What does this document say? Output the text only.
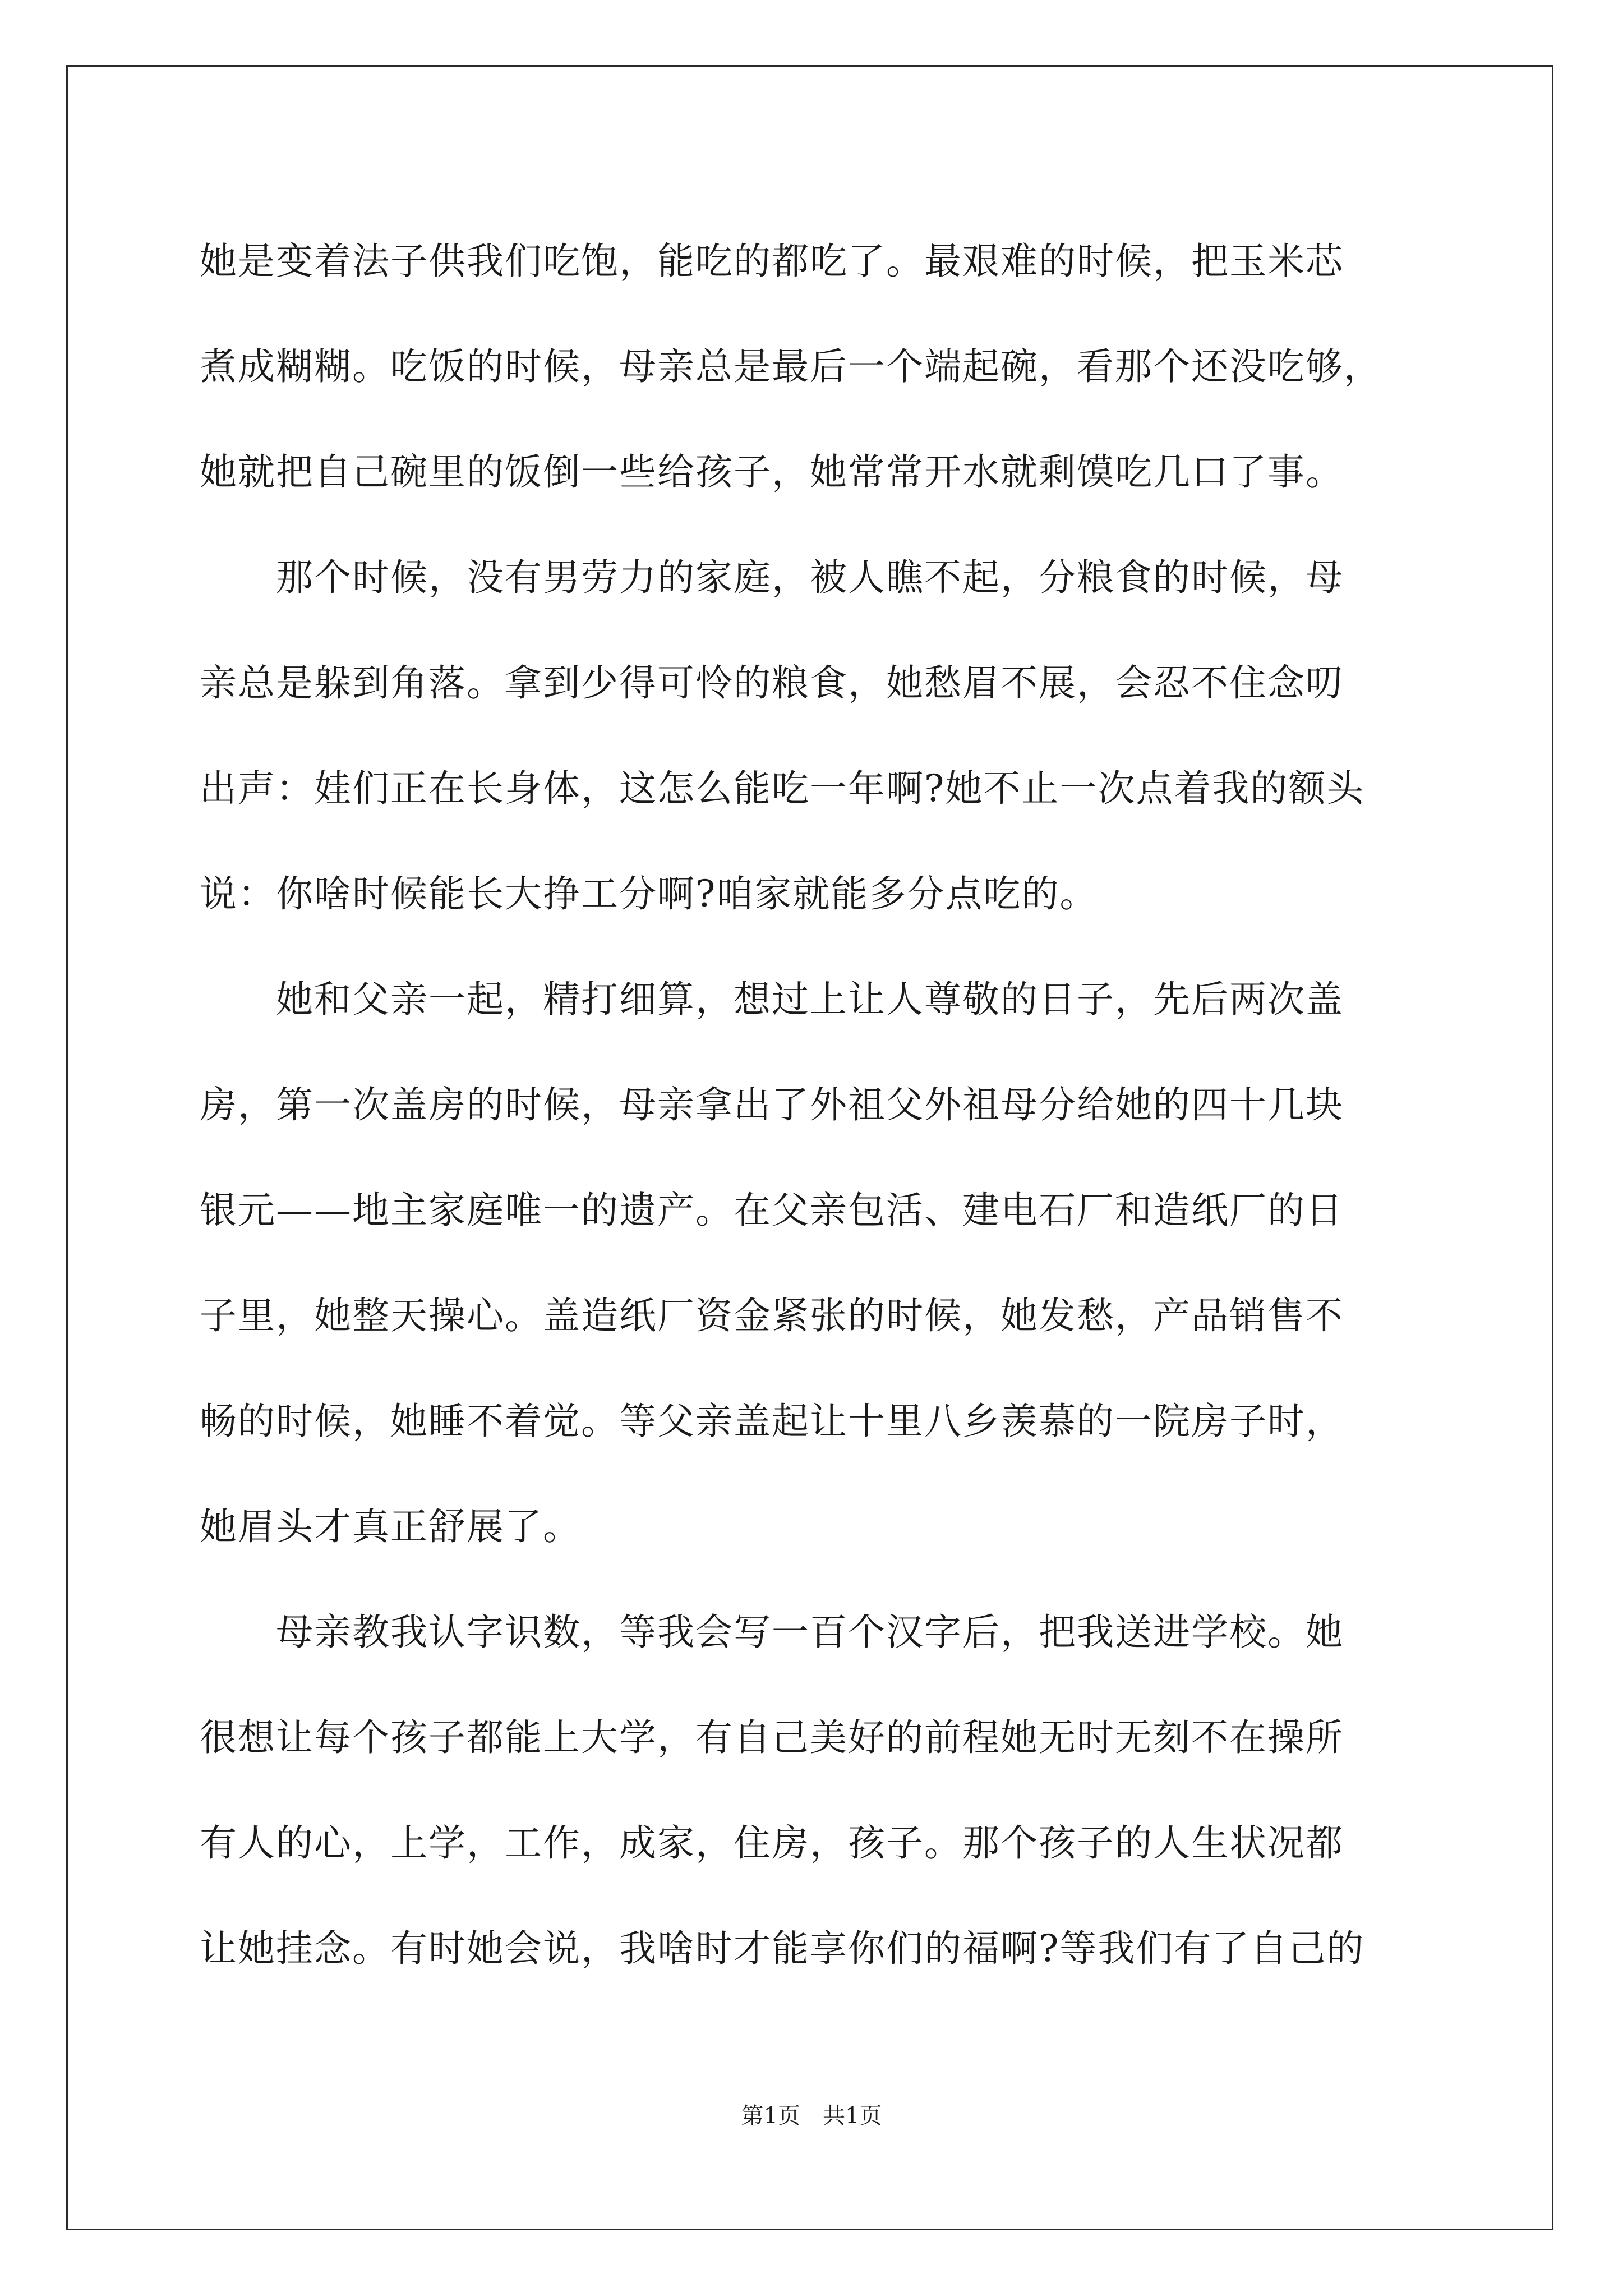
她是变着法子供我们吃饱，能吃的都吃了。最艰难的时候，把玉米芯
煮成糊糊。吃饭的时候，母亲总是最后一个端起碗，看那个还没吃够，
她就把自己碗里的饭倒一些给孩子，她常常开水就剩馍吃几口了事。
那个时候，没有男劳力的家庭，被人瞧不起，分粮食的时候，母
亲总是躲到角落。拿到少得可怜的粮食，她愁眉不展，会忍不住念叨
出声：娃们正在长身体，这怎么能吃一年啊?她不止一次点着我的额头
说：你啥时候能长大挣工分啊?咱家就能多分点吃的。
她和父亲一起，精打细算，想过上让人尊敬的日子，先后两次盖
房，第一次盖房的时候，母亲拿出了外祖父外祖母分给她的四十几块
银元——地主家庭唯一的遗产。在父亲包活、建电石厂和造纸厂的日
子里，她整天操心。盖造纸厂资金紧张的时候，她发愁，产品销售不
畅的时候，她睡不着觉。等父亲盖起让十里八乡羡慕的一院房子时，
她眉头才真正舒展了。
母亲教我认字识数，等我会写一百个汉字后，把我送进学校。她
很想让每个孩子都能上大学，有自己美好的前程她无时无刻不在操所
有人的心，上学，工作，成家，住房，孩子。那个孩子的人生状况都
让她挂念。有时她会说，我啥时才能享你们的福啊?等我们有了自己的
第1页 共1页
